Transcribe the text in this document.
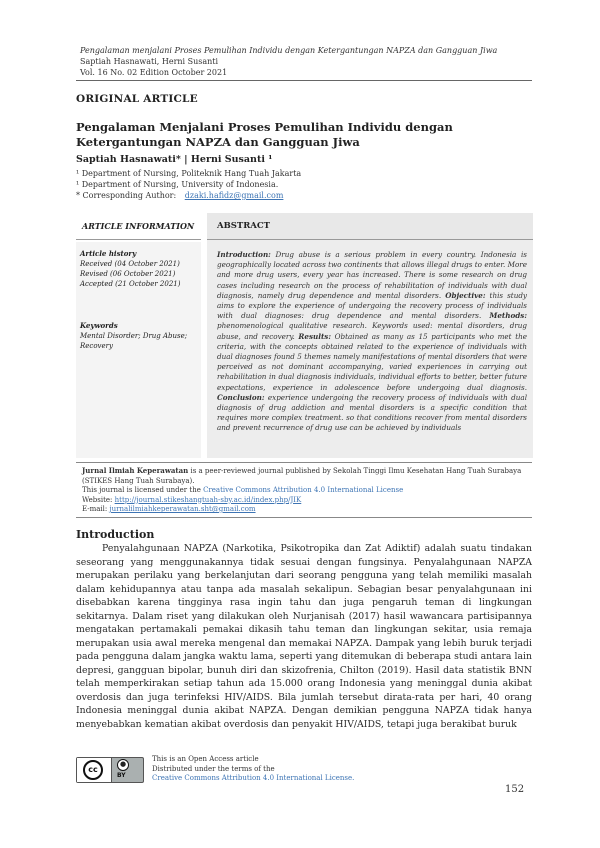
Pengalaman menjalani Proses Pemulihan Individu dengan Ketergantungan NAPZA dan Gangguan Jiwa
Saptiah Hasnawati, Herni Susanti
Vol. 16 No. 02 Edition October 2021
ORIGINAL ARTICLE
Pengalaman Menjalani Proses Pemulihan Individu dengan Ketergantungan NAPZA dan Gangguan Jiwa
Saptiah Hasnawati* | Herni Susanti ¹
¹ Department of Nursing, Politeknik Hang Tuah Jakarta
¹ Department of Nursing, University of Indonesia.
* Corresponding Author: dzaki.hafidz@gmail.com
ARTICLE INFORMATION
Article history
Received (04 October 2021)
Revised (06 October 2021)
Accepted (21 October 2021)
Keywords
Mental Disorder; Drug Abuse; Recovery
ABSTRACT
Introduction: Drug abuse is a serious problem in every country. Indonesia is geographically located across two continents that allows illegal drugs to enter. More and more drug users, every year has increased. There is some research on drug cases including research on the process of rehabilitation of individuals with dual diagnosis, namely drug dependence and mental disorders. Objective: this study aims to explore the experience of undergoing the recovery process of individuals with dual diagnoses: drug dependence and mental disorders. Methods: phenomenological qualitative research. Keywords used: mental disorders, drug abuse, and recovery. Results: Obtained as many as 15 participants who met the criteria, with the concepts obtained related to the experience of individuals with dual diagnoses found 5 themes namely manifestations of mental disorders that were perceived as not dominant accompanying, varied experiences in carrying out rehabilitation in dual diagnosis individuals, individual efforts to better, better future expectations, experience in adolescence before undergoing dual diagnosis. Conclusion: experience undergoing the recovery process of individuals with dual diagnosis of drug addiction and mental disorders is a specific condition that requires more complex treatment. so that conditions recover from mental disorders and prevent recurrence of drug use can be achieved by individuals
Jurnal Ilmiah Keperawatan is a peer-reviewed journal published by Sekolah Tinggi Ilmu Kesehatan Hang Tuah Surabaya (STIKES Hang Tuah Surabaya).
This journal is licensed under the Creative Commons Attribution 4.0 International License
Website: http://journal.stikeshangtuah-sby.ac.id/index.php/JIK
E-mail: jurnalilmiahkeperawatan.sht@gmail.com
Introduction
Penyalahgunaan NAPZA (Narkotika, Psikotropika dan Zat Adiktif) adalah suatu tindakan seseorang yang menggunakannya tidak sesuai dengan fungsinya. Penyalahgunaan NAPZA merupakan perilaku yang berkelanjutan dari seorang pengguna yang telah memiliki masalah dalam kehidupannya atau tanpa ada masalah sekalipun. Sebagian besar penyalahgunaan ini disebabkan karena tingginya rasa ingin tahu dan juga pengaruh teman di lingkungan sekitarnya. Dalam riset yang dilakukan oleh Nurjanisah (2017) hasil wawancara partisipannya mengatakan pertamakali pemakai dikasih tahu teman dan lingkungan sekitar, usia remaja merupakan usia awal mereka mengenal dan memakai NAPZA. Dampak yang lebih buruk terjadi pada pengguna dalam jangka waktu lama, seperti yang ditemukan di beberapa studi antara lain depresi, gangguan bipolar, bunuh diri dan skizofrenia, Chilton (2019). Hasil data statistik BNN telah memperkirakan setiap tahun ada 15.000 orang Indonesia yang meninggal dunia akibat overdosis dan juga terinfeksi HIV/AIDS. Bila jumlah tersebut dirata-rata per hari, 40 orang Indonesia meninggal dunia akibat NAPZA. Dengan demikian pengguna NAPZA tidak hanya menyebabkan kematian akibat overdosis dan penyakit HIV/AIDS, tetapi juga berakibat buruk
cc
●
BY
This is an Open Access article
Distributed under the terms of the
Creative Commons Attribution 4.0 International License.
152
